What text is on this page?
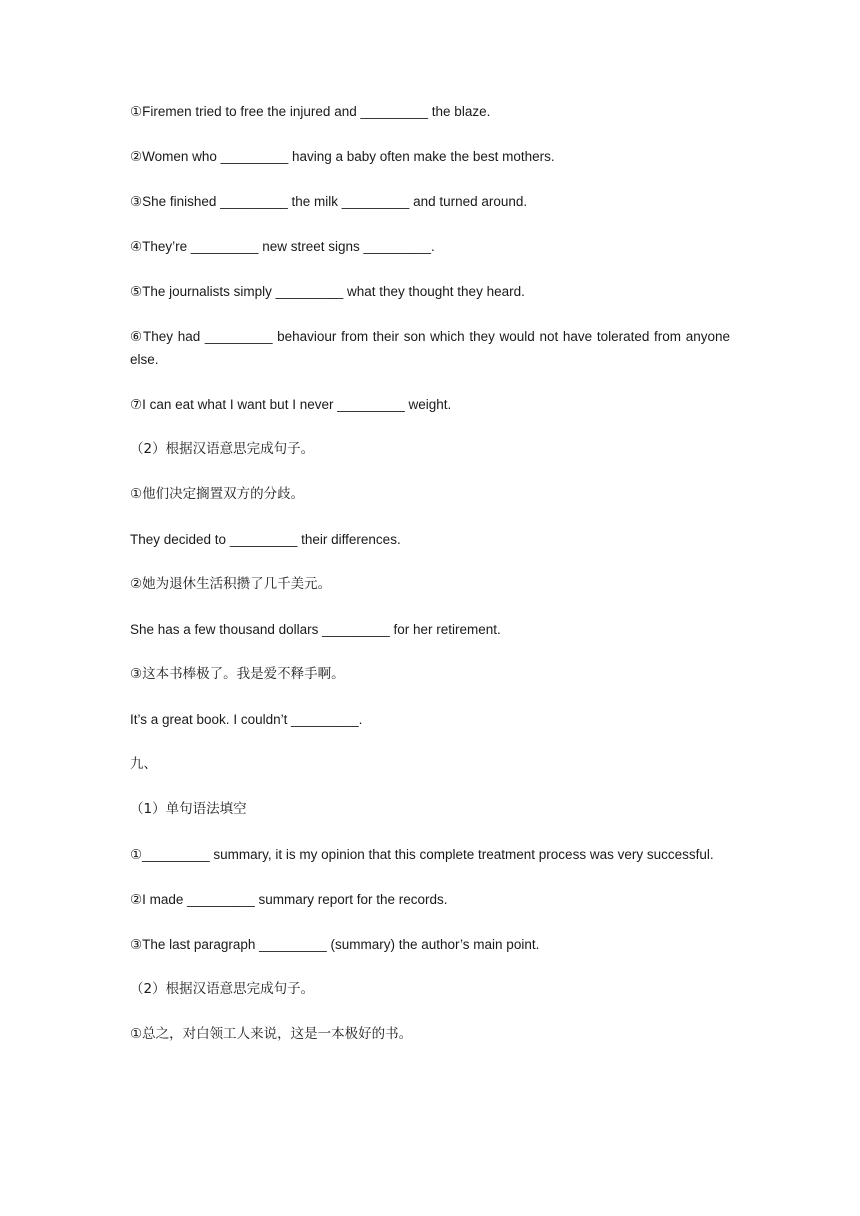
①Firemen tried to free the injured and _________ the blaze.

②Women who _________ having a baby often make the best mothers.

③She finished _________ the milk _________ and turned around.

④They’re _________ new street signs _________.

⑤The journalists simply _________ what they thought they heard.

⑥They had _________ behaviour from their son which they would not have tolerated from anyone else.

⑦I can eat what I want but I never _________ weight.

（2）根据汉语意思完成句子。

①他们决定搁置双方的分歧。

They decided to _________ their differences.

②她为退休生活积攒了几千美元。

She has a few thousand dollars _________ for her retirement.

③这本书棒极了。我是爱不释手啊。

It’s a great book. I couldn’t _________.

九、

（1）单句语法填空

①_________ summary, it is my opinion that this complete treatment process was very successful.

②I made _________ summary report for the records.

③The last paragraph _________ (summary) the author’s main point.

（2）根据汉语意思完成句子。

①总之，对白领工人来说，这是一本极好的书。
